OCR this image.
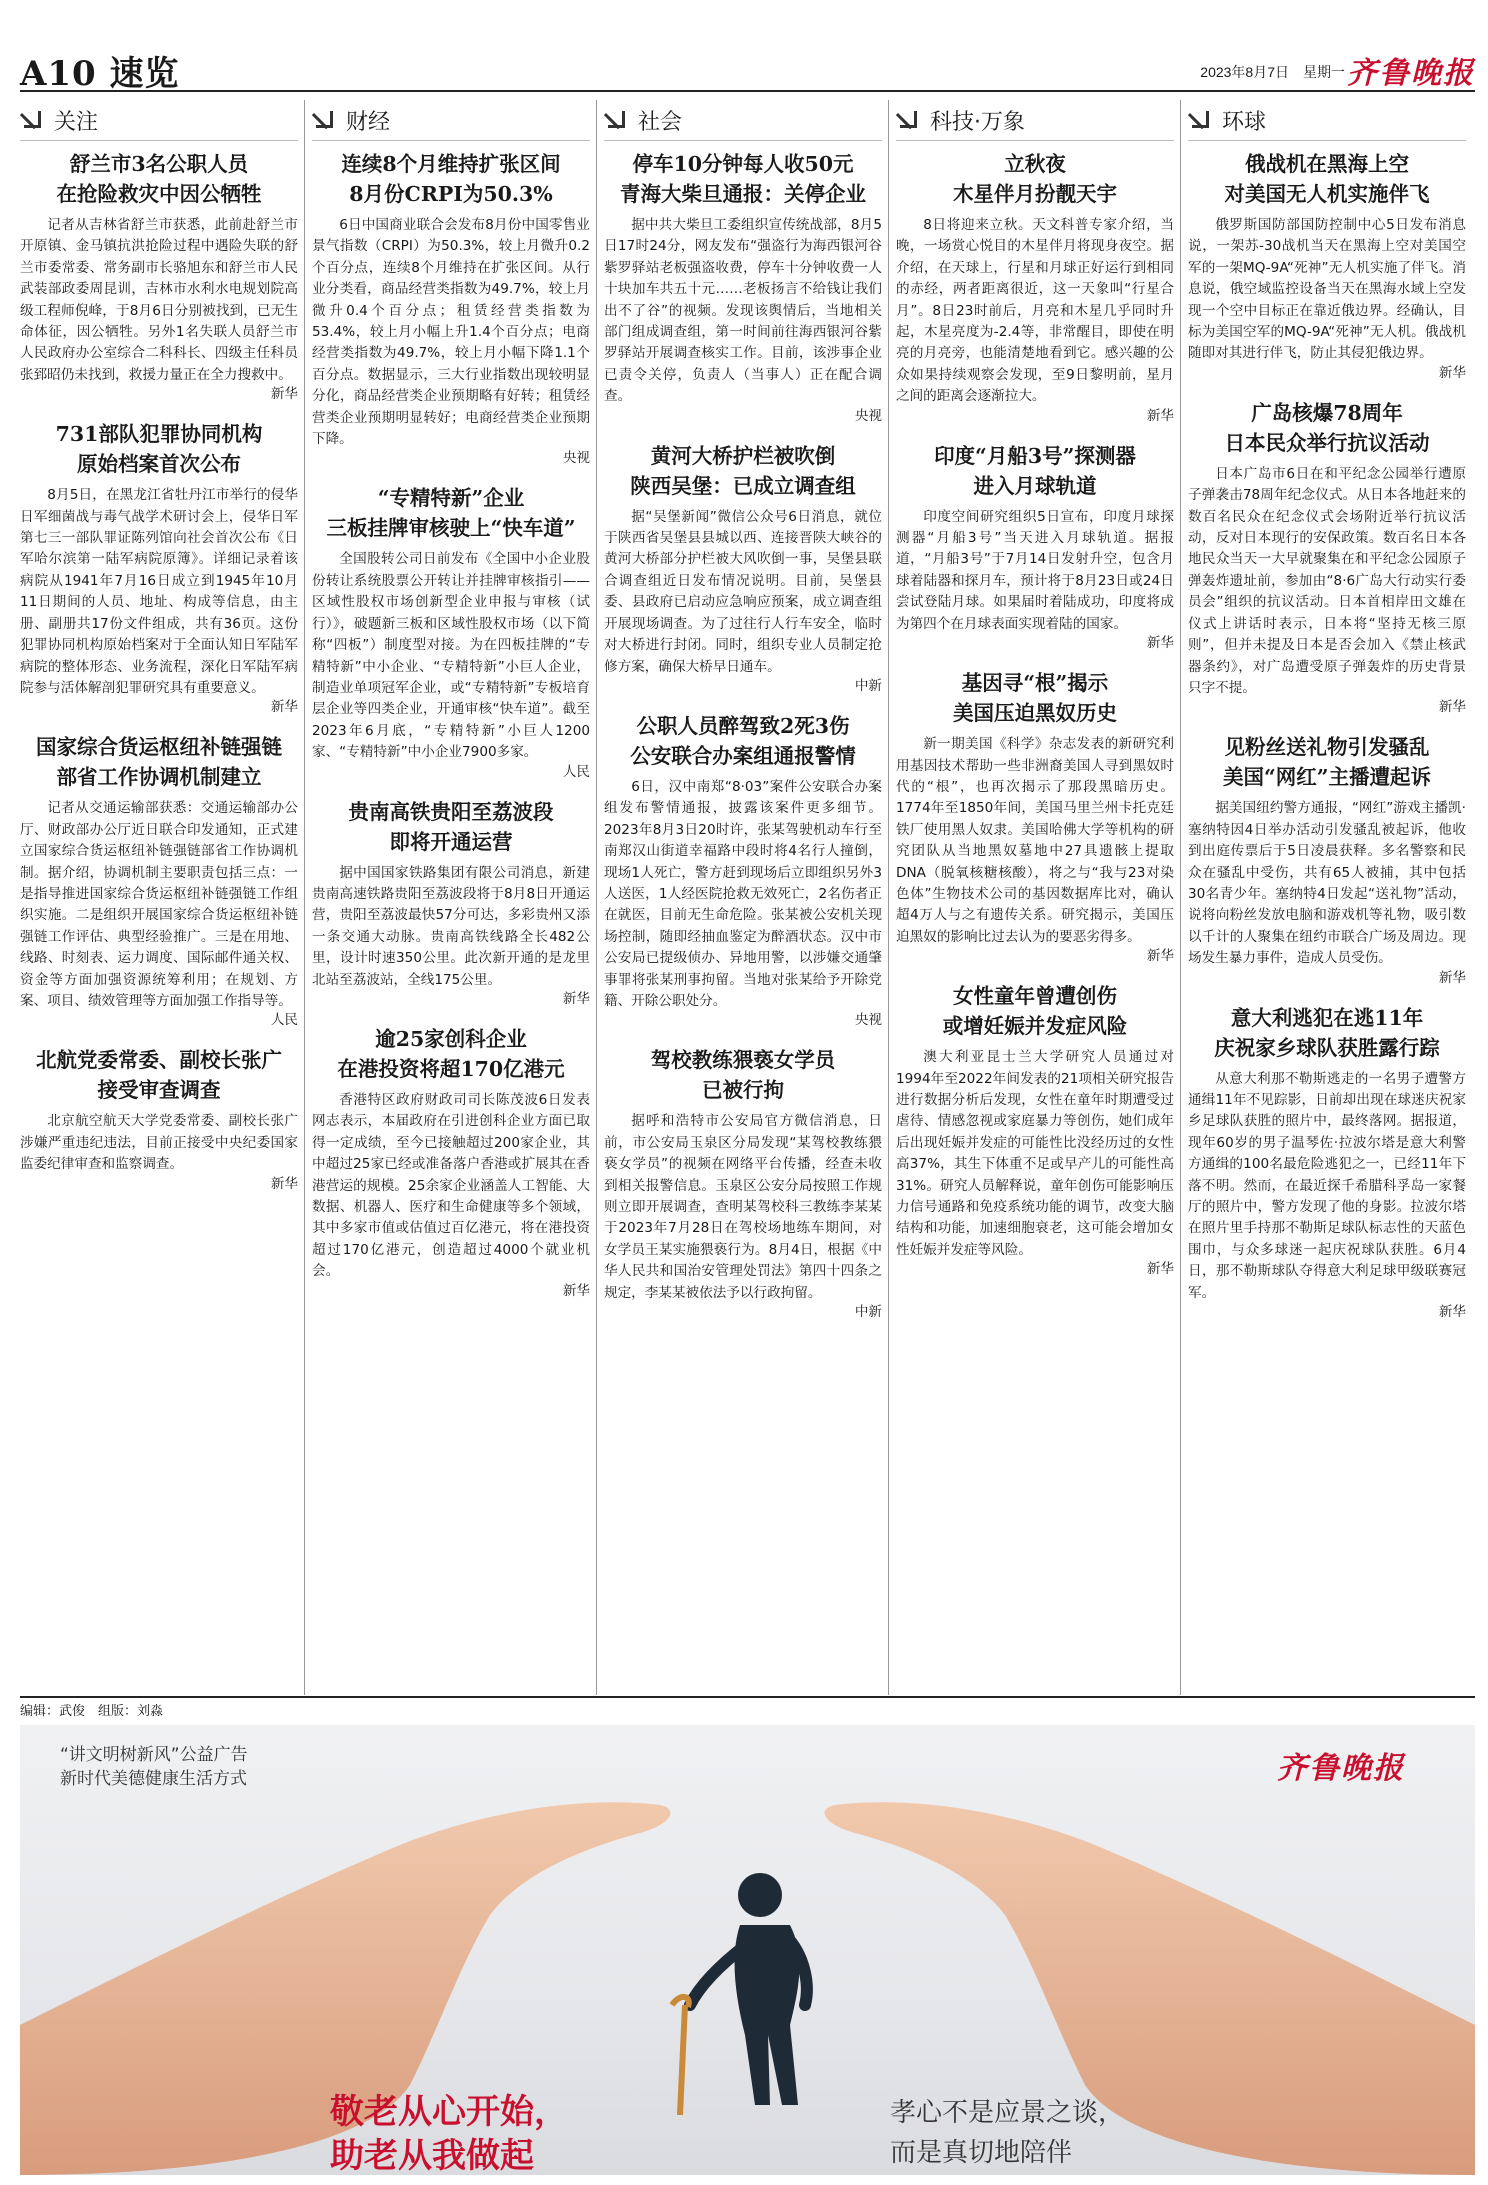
A10 速览	2023年8月7日 星期一 齐鲁晚报
关注
舒兰市3名公职人员
在抢险救灾中因公牺牲

记者从吉林省舒兰市获悉，此前赴舒兰市开原镇、金马镇抗洪抢险过程中遇险失联的舒兰市委常委、常务副市长骆旭东和舒兰市人民武装部政委周昆训，吉林市水利水电规划院高级工程师倪峰，于8月6日分别被找到，已无生命体征，因公牺牲。另外1名失联人员舒兰市人民政府办公室综合二科科长、四级主任科员张郅昭仍未找到，救援力量正在全力搜救中。

新华
731部队犯罪协同机构
原始档案首次公布

8月5日，在黑龙江省牡丹江市举行的侵华日军细菌战与毒气战学术研讨会上，侵华日军第七三一部队罪证陈列馆向社会首次公布《日军哈尔滨第一陆军病院原簿》。详细记录着该病院从1941年7月16日成立到1945年10月11日期间的人员、地址、构成等信息，由主册、副册共17份文件组成，共有36页。这份犯罪协同机构原始档案对于全面认知日军陆军病院的整体形态、业务流程，深化日军陆军病院参与活体解剖犯罪研究具有重要意义。

新华
国家综合货运枢纽补链强链
部省工作协调机制建立

记者从交通运输部获悉：交通运输部办公厅、财政部办公厅近日联合印发通知，正式建立国家综合货运枢纽补链强链部省工作协调机制。据介绍，协调机制主要职责包括三点：一是指导推进国家综合货运枢纽补链强链工作组织实施。二是组织开展国家综合货运枢纽补链强链工作评估、典型经验推广。三是在用地、线路、时刻表、运力调度、国际邮件通关权、资金等方面加强资源统筹利用；在规划、方案、项目、绩效管理等方面加强工作指导等。

人民
北航党委常委、副校长张广
接受审查调查

北京航空航天大学党委常委、副校长张广涉嫌严重违纪违法，目前正接受中央纪委国家监委纪律审查和监察调查。

新华
财经
连续8个月维持扩张区间
8月份CRPI为50.3%

6日中国商业联合会发布8月份中国零售业景气指数（CRPI）为50.3%，较上月微升0.2个百分点，连续8个月维持在扩张区间。从行业分类看，商品经营类指数为49.7%，较上月微升0.4个百分点；租赁经营类指数为53.4%，较上月小幅上升1.4个百分点；电商经营类指数为49.7%，较上月小幅下降1.1个百分点。数据显示，三大行业指数出现较明显分化，商品经营类企业预期略有好转；租赁经营类企业预期明显转好；电商经营类企业预期下降。

央视
“专精特新”企业
三板挂牌审核驶上“快车道”

全国股转公司日前发布《全国中小企业股份转让系统股票公开转让并挂牌审核指引——区域性股权市场创新型企业申报与审核（试行）》，破题新三板和区域性股权市场（以下简称“四板”）制度型对接。为在四板挂牌的“专精特新”中小企业、“专精特新”小巨人企业，制造业单项冠军企业，或“专精特新”专板培育层企业等四类企业，开通审核“快车道”。截至2023年6月底，“专精特新”小巨人1200家、“专精特新”中小企业7900多家。

人民
贵南高铁贵阳至荔波段
即将开通运营

据中国国家铁路集团有限公司消息，新建贵南高速铁路贵阳至荔波段将于8月8日开通运营，贵阳至荔波最快57分可达，多彩贵州又添一条交通大动脉。贵南高铁线路全长482公里，设计时速350公里。此次新开通的是龙里北站至荔波站，全线175公里。

新华
逾25家创科企业
在港投资将超170亿港元

香港特区政府财政司司长陈茂波6日发表网志表示，本届政府在引进创科企业方面已取得一定成绩，至今已接触超过200家企业，其中超过25家已经或准备落户香港或扩展其在香港营运的规模。25余家企业涵盖人工智能、大数据、机器人、医疗和生命健康等多个领域，其中多家市值或估值过百亿港元，将在港投资超过170亿港元，创造超过4000个就业机会。

新华
社会
停车10分钟每人收50元
青海大柴旦通报：关停企业

据中共大柴旦工委组织宣传统战部，8月5日17时24分，网友发布“强盗行为海西银河谷紫罗驿站老板强盗收费，停车十分钟收费一人十块加车共五十元……老板扬言不给钱让我们出不了谷”的视频。发现该舆情后，当地相关部门组成调查组，第一时间前往海西银河谷紫罗驿站开展调查核实工作。目前，该涉事企业已责令关停，负责人（当事人）正在配合调查。

央视
黄河大桥护栏被吹倒
陕西吴堡：已成立调查组

据“吴堡新闻”微信公众号6日消息，就位于陕西省吴堡县县城以西、连接晋陕大峡谷的黄河大桥部分护栏被大风吹倒一事，吴堡县联合调查组近日发布情况说明。目前，吴堡县委、县政府已启动应急响应预案，成立调查组开展现场调查。为了过往行人行车安全，临时对大桥进行封闭。同时，组织专业人员制定抢修方案，确保大桥早日通车。

中新
公职人员醉驾致2死3伤
公安联合办案组通报警情

6日，汉中南郑“8·03”案件公安联合办案组发布警情通报，披露该案件更多细节。2023年8月3日20时许，张某驾驶机动车行至南郑汉山街道幸福路中段时将4名行人撞倒，现场1人死亡，警方赶到现场后立即组织另外3人送医，1人经医院抢救无效死亡，2名伤者正在就医，目前无生命危险。张某被公安机关现场控制，随即经抽血鉴定为醉酒状态。汉中市公安局已提级侦办、异地用警，以涉嫌交通肇事罪将张某刑事拘留。当地对张某给予开除党籍、开除公职处分。

央视
驾校教练猥亵女学员
已被行拘

据呼和浩特市公安局官方微信消息，日前，市公安局玉泉区分局发现“某驾校教练猥亵女学员”的视频在网络平台传播，经查未收到相关报警信息。玉泉区公安分局按照工作规则立即开展调查，查明某驾校科三教练李某某于2023年7月28日在驾校场地练车期间，对女学员王某实施猥亵行为。8月4日，根据《中华人民共和国治安管理处罚法》第四十四条之规定，李某某被依法予以行政拘留。

中新
科技·万象
立秋夜
木星伴月扮靓天宇

8日将迎来立秋。天文科普专家介绍，当晚，一场赏心悦目的木星伴月将现身夜空。据介绍，在天球上，行星和月球正好运行到相同的赤经，两者距离很近，这一天象叫“行星合月”。8日23时前后，月亮和木星几乎同时升起，木星亮度为-2.4等，非常醒目，即使在明亮的月亮旁，也能清楚地看到它。感兴趣的公众如果持续观察会发现，至9日黎明前，星月之间的距离会逐渐拉大。

新华
印度“月船3号”探测器
进入月球轨道

印度空间研究组织5日宣布，印度月球探测器“月船3号”当天进入月球轨道。据报道，“月船3号”于7月14日发射升空，包含月球着陆器和探月车，预计将于8月23日或24日尝试登陆月球。如果届时着陆成功，印度将成为第四个在月球表面实现着陆的国家。

新华
基因寻“根”揭示
美国压迫黑奴历史

新一期美国《科学》杂志发表的新研究利用基因技术帮助一些非洲裔美国人寻到黑奴时代的“根”，也再次揭示了那段黑暗历史。1774年至1850年间，美国马里兰州卡托克廷铁厂使用黑人奴隶。美国哈佛大学等机构的研究团队从当地黑奴墓地中27具遗骸上提取DNA（脱氧核糖核酸），将之与“我与23对染色体”生物技术公司的基因数据库比对，确认超4万人与之有遗传关系。研究揭示，美国压迫黑奴的影响比过去认为的要恶劣得多。

新华
女性童年曾遭创伤
或增妊娠并发症风险

澳大利亚昆士兰大学研究人员通过对1994年至2022年间发表的21项相关研究报告进行数据分析后发现，女性在童年时期遭受过虐待、情感忽视或家庭暴力等创伤，她们成年后出现妊娠并发症的可能性比没经历过的女性高37%，其生下体重不足或早产儿的可能性高31%。研究人员解释说，童年创伤可能影响压力信号通路和免疫系统功能的调节，改变大脑结构和功能，加速细胞衰老，这可能会增加女性妊娠并发症等风险。

新华
环球
俄战机在黑海上空
对美国无人机实施伴飞

俄罗斯国防部国防控制中心5日发布消息说，一架苏-30战机当天在黑海上空对美国空军的一架MQ-9A“死神”无人机实施了伴飞。消息说，俄空域监控设备当天在黑海水域上空发现一个空中目标正在靠近俄边界。经确认，目标为美国空军的MQ-9A“死神”无人机。俄战机随即对其进行伴飞，防止其侵犯俄边界。

新华
广岛核爆78周年
日本民众举行抗议活动

日本广岛市6日在和平纪念公园举行遭原子弹袭击78周年纪念仪式。从日本各地赶来的数百名民众在纪念仪式会场附近举行抗议活动，反对日本现行的安保政策。数百名日本各地民众当天一大早就聚集在和平纪念公园原子弹轰炸遗址前，参加由“8·6广岛大行动实行委员会”组织的抗议活动。日本首相岸田文雄在仪式上讲话时表示，日本将“坚持无核三原则”，但并未提及日本是否会加入《禁止核武器条约》，对广岛遭受原子弹轰炸的历史背景只字不提。

新华
见粉丝送礼物引发骚乱
美国“网红”主播遭起诉

据美国纽约警方通报，“网红”游戏主播凯·塞纳特因4日举办活动引发骚乱被起诉，他收到出庭传票后于5日凌晨获释。多名警察和民众在骚乱中受伤，共有65人被捕，其中包括30名青少年。塞纳特4日发起“送礼物”活动，说将向粉丝发放电脑和游戏机等礼物，吸引数以千计的人聚集在纽约市联合广场及周边。现场发生暴力事件，造成人员受伤。

新华
意大利逃犯在逃11年
庆祝家乡球队获胜露行踪

从意大利那不勒斯逃走的一名男子遭警方通缉11年不见踪影，日前却出现在球迷庆祝家乡足球队获胜的照片中，最终落网。据报道，现年60岁的男子温琴佐·拉波尔塔是意大利警方通缉的100名最危险逃犯之一，已经11年下落不明。然而，在最近探千希腊科孚岛一家餐厅的照片中，警方发现了他的身影。拉波尔塔在照片里手持那不勒斯足球队标志性的天蓝色围巾，与众多球迷一起庆祝球队获胜。6月4日，那不勒斯球队夺得意大利足球甲级联赛冠军。

新华
编辑：武俊　组版：刘淼
“讲文明树新风”公益广告
新时代美德健康生活方式	齐鲁晚报
敬老从心开始，
助老从我做起
孝心不是应景之谈，
而是真切地陪伴
